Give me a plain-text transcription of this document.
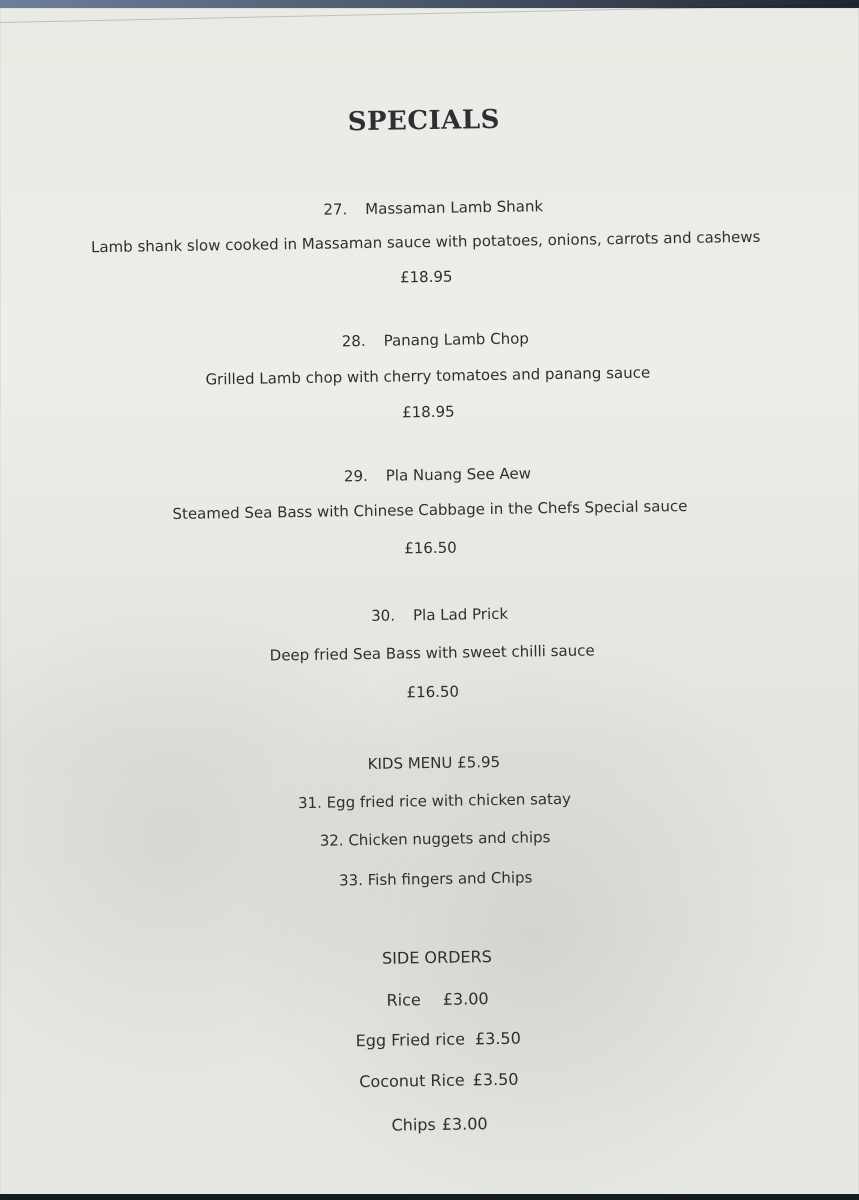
SPECIALS
27. Massaman Lamb Shank
Lamb shank slow cooked in Massaman sauce with potatoes, onions, carrots and cashews
£18.95
28. Panang Lamb Chop
Grilled Lamb chop with cherry tomatoes and panang sauce
£18.95
29. Pla Nuang See Aew
Steamed Sea Bass with Chinese Cabbage in the Chefs Special sauce
£16.50
30. Pla Lad Prick
Deep fried Sea Bass with sweet chilli sauce
£16.50
KIDS MENU £5.95
31. Egg fried rice with chicken satay
32. Chicken nuggets and chips
33. Fish fingers and Chips
SIDE ORDERS
Rice £3.00
Egg Fried rice £3.50
Coconut Rice £3.50
Chips £3.00
